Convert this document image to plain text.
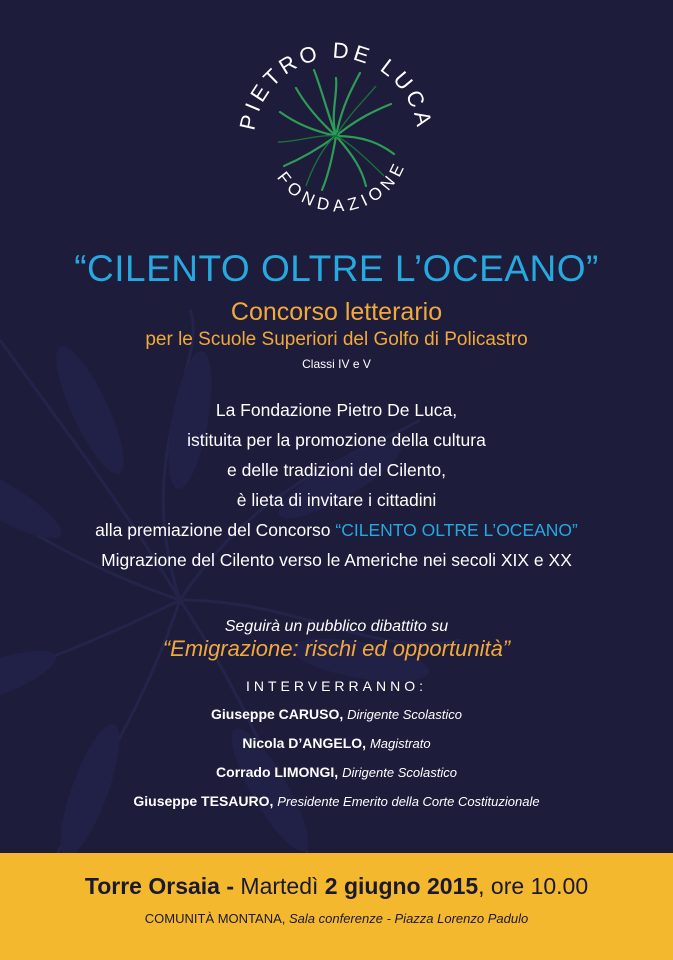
PIETRO DE LUCA
FONDAZIONE
“CILENTO OLTRE L’OCEANO”
Concorso letterario
per le Scuole Superiori del Golfo di Policastro
Classi IV e V
La Fondazione Pietro De Luca,
istituita per la promozione della cultura
e delle tradizioni del Cilento,
è lieta di invitare i cittadini
alla premiazione del Concorso “CILENTO OLTRE L’OCEANO”
Migrazione del Cilento verso le Americhe nei secoli XIX e XX
Seguirà un pubblico dibattito su
“Emigrazione: rischi ed opportunità”
INTERVERRANNO:
Giuseppe CARUSO, Dirigente Scolastico
Nicola D’ANGELO, Magistrato
Corrado LIMONGI, Dirigente Scolastico
Giuseppe TESAURO, Presidente Emerito della Corte Costituzionale
Torre Orsaia - Martedì 2 giugno 2015, ore 10.00
COMUNITÀ MONTANA, Sala conferenze - Piazza Lorenzo Padulo
